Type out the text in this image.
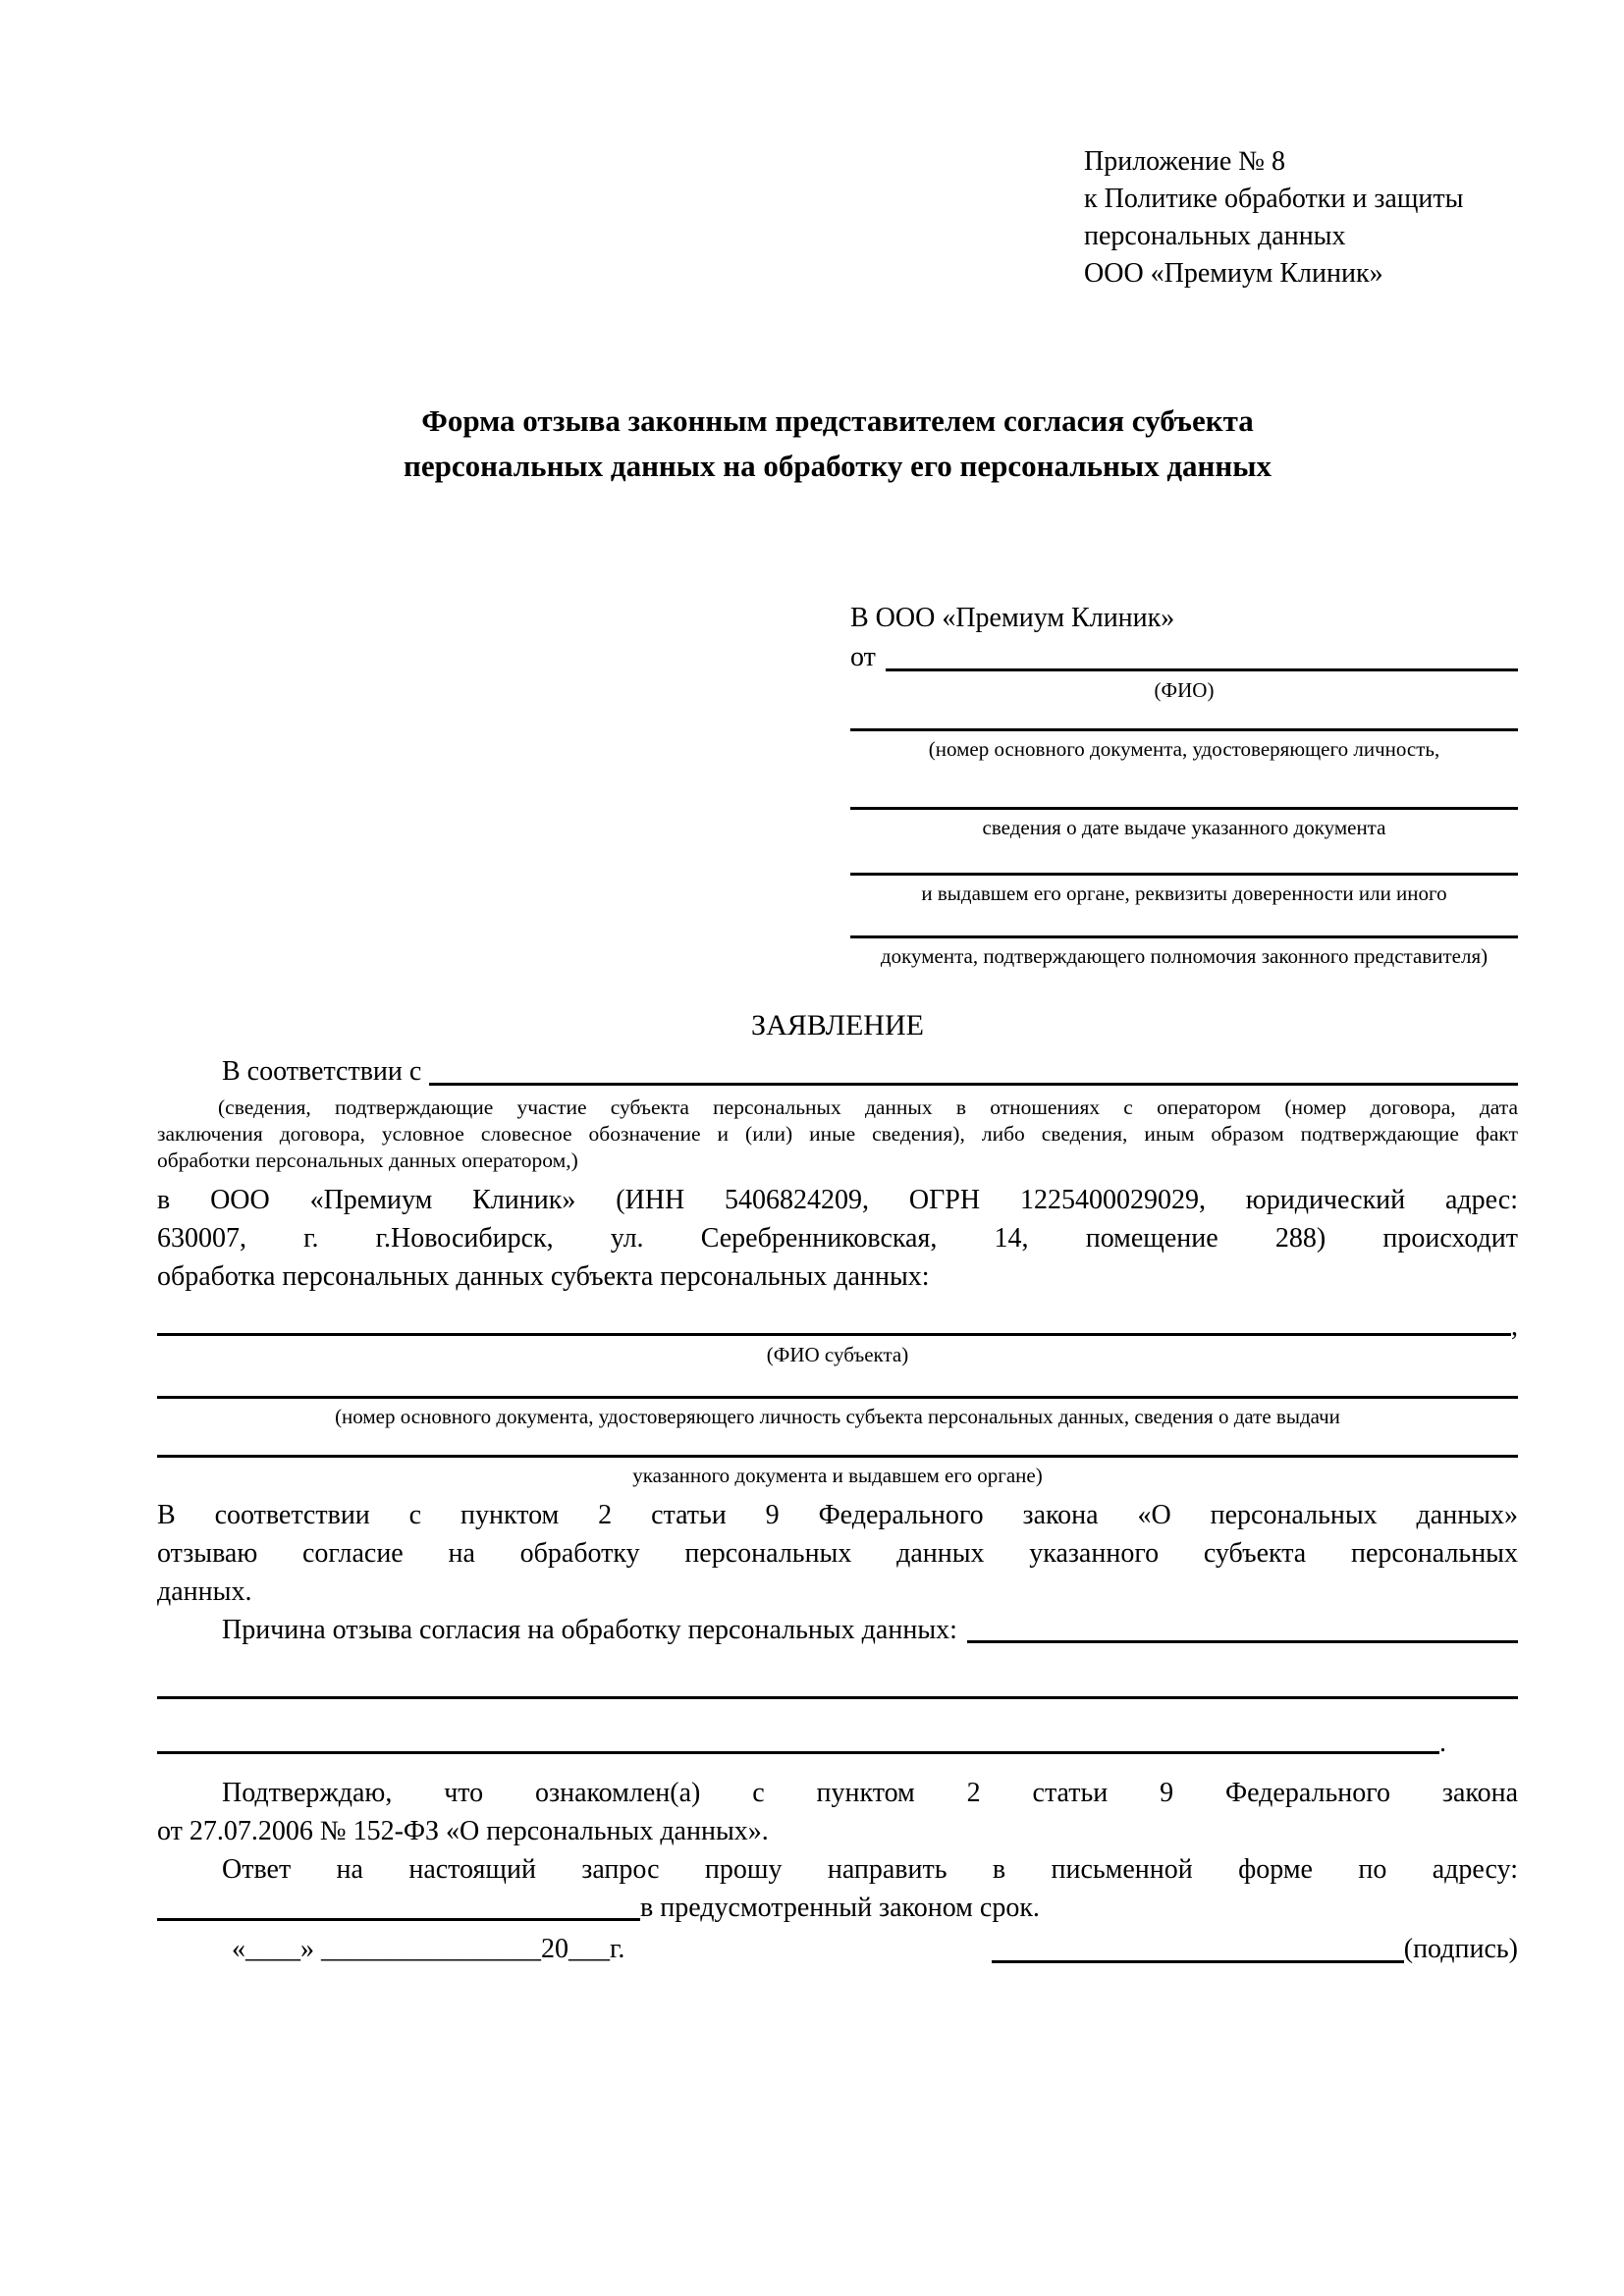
Приложение № 8
к Политике обработки и защиты
персональных данных
ООО «Премиум Клиник»
Форма отзыва законным представителем согласия субъекта
персональных данных на обработку его персональных данных
В ООО «Премиум Клиник»
от
(ФИО)
(номер основного документа, удостоверяющего личность,
сведения о дате выдаче указанного документа
и выдавшем его органе, реквизиты доверенности или иного
документа, подтверждающего полномочия законного представителя)
ЗАЯВЛЕНИЕ
В соответствии с
(сведения, подтверждающие участие субъекта персональных данных в отношениях с оператором (номер договора, дата
заключения договора, условное словесное обозначение и (или) иные сведения), либо сведения, иным образом подтверждающие факт
обработки персональных данных оператором,)
в ООО «Премиум Клиник» (ИНН 5406824209, ОГРН 1225400029029, юридический адрес:
630007, г. г.Новосибирск, ул. Серебренниковская, 14, помещение 288) происходит
обработка персональных данных субъекта персональных данных:
,
(ФИО субъекта)
(номер основного документа, удостоверяющего личность субъекта персональных данных, сведения о дате выдачи
указанного документа и выдавшем его органе)
В соответствии с пунктом 2 статьи 9 Федерального закона «О персональных данных»
отзываю согласие на обработку персональных данных указанного субъекта персональных
данных.
Причина отзыва согласия на обработку персональных данных:
.
Подтверждаю, что ознакомлен(а) с пунктом 2 статьи 9 Федерального закона
от 27.07.2006 № 152-ФЗ «О персональных данных».
Ответ на настоящий запрос прошу направить в письменной форме по адресу:
в предусмотренный законом срок.
«____» ________________20___г.	(подпись)
